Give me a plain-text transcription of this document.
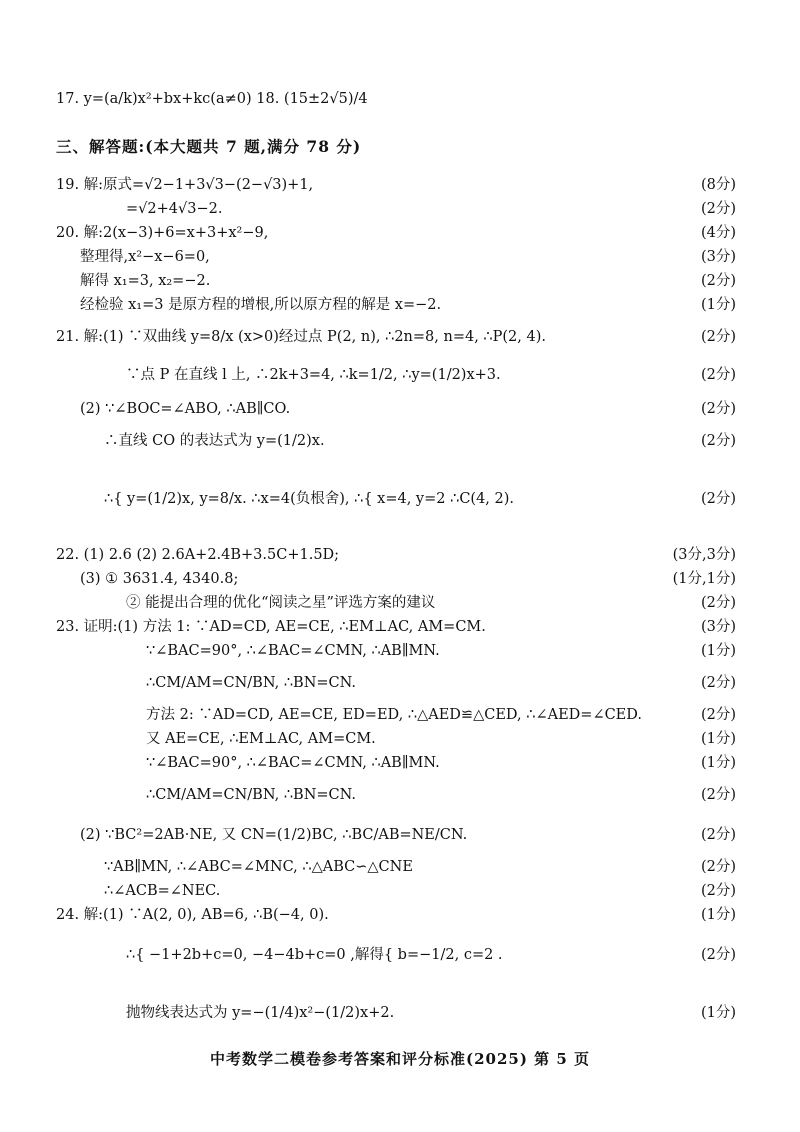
17. y=(a/k)x²+bx+kc(a≠0) 18. (15±2√5)/4
三、解答题:(本大题共 7 题,满分 78 分)
19. 解:原式=√2−1+3√3−(2−√3)+1,	(8分)
=√2+4√3−2.	(2分)
20. 解:2(x−3)+6=x+3+x²−9,	(4分)
整理得,x²−x−6=0,	(3分)
解得 x₁=3, x₂=−2.	(2分)
经检验 x₁=3 是原方程的增根,所以原方程的解是 x=−2.	(1分)
21. 解:(1) ∵双曲线 y=8/x (x>0)经过点 P(2, n), ∴2n=8, n=4, ∴P(2, 4).	(2分)
∵点 P 在直线 l 上, ∴2k+3=4, ∴k=1/2, ∴y=(1/2)x+3.	(2分)
(2) ∵∠BOC=∠ABO, ∴AB∥CO.	(2分)
∴直线 CO 的表达式为 y=(1/2)x.	(2分)
∴{ y=(1/2)x, y=8/x. ∴x=4(负根舍), ∴{ x=4, y=2 ∴C(4, 2).	(2分)
22. (1) 2.6 (2) 2.6A+2.4B+3.5C+1.5D;	(3分,3分)
(3) ① 3631.4, 4340.8;	(1分,1分)
② 能提出合理的优化“阅读之星”评选方案的建议	(2分)
23. 证明:(1) 方法 1: ∵AD=CD, AE=CE, ∴EM⊥AC, AM=CM.	(3分)
∵∠BAC=90°, ∴∠BAC=∠CMN, ∴AB∥MN.	(1分)
∴CM/AM=CN/BN, ∴BN=CN.	(2分)
方法 2: ∵AD=CD, AE=CE, ED=ED, ∴△AED≌△CED, ∴∠AED=∠CED.	(2分)
又 AE=CE, ∴EM⊥AC, AM=CM.	(1分)
∵∠BAC=90°, ∴∠BAC=∠CMN, ∴AB∥MN.	(1分)
∴CM/AM=CN/BN, ∴BN=CN.	(2分)
(2) ∵BC²=2AB·NE, 又 CN=(1/2)BC, ∴BC/AB=NE/CN.	(2分)
∵AB∥MN, ∴∠ABC=∠MNC, ∴△ABC∽△CNE	(2分)
∴∠ACB=∠NEC.	(2分)
24. 解:(1) ∵A(2, 0), AB=6, ∴B(−4, 0).	(1分)
∴{ −1+2b+c=0, −4−4b+c=0 ,解得{ b=−1/2, c=2 .	(2分)
抛物线表达式为 y=−(1/4)x²−(1/2)x+2.	(1分)
中考数学二模卷参考答案和评分标准(2025) 第 5 页
